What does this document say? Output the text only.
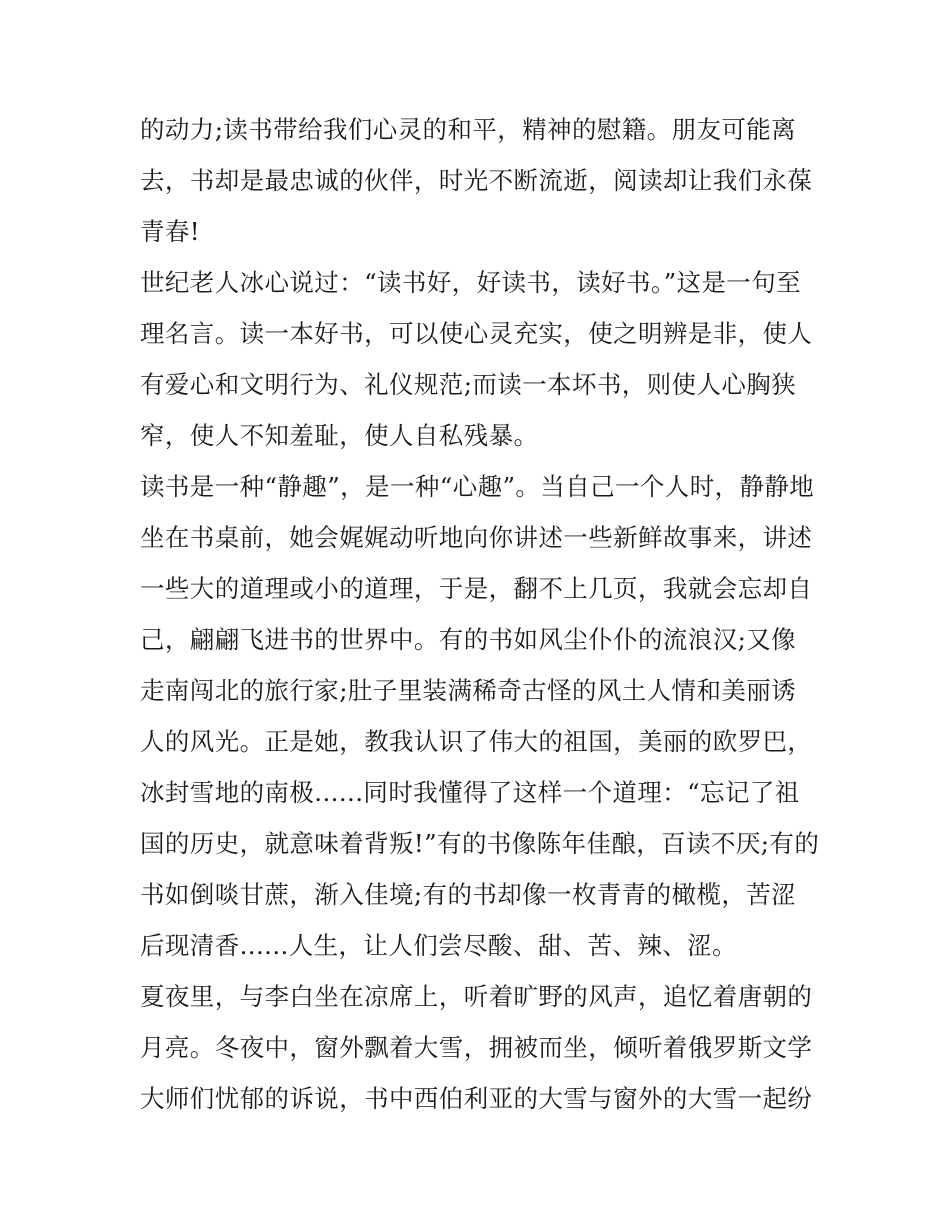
的动力;读书带给我们心灵的和平，精神的慰籍。朋友可能离
去，书却是最忠诚的伙伴，时光不断流逝，阅读却让我们永葆
青春!
世纪老人冰心说过：“读书好，好读书，读好书。”这是一句至
理名言。读一本好书，可以使心灵充实，使之明辨是非，使人
有爱心和文明行为、礼仪规范;而读一本坏书，则使人心胸狭
窄，使人不知羞耻，使人自私残暴。
读书是一种“静趣”，是一种“心趣”。当自己一个人时，静静地
坐在书桌前，她会娓娓动听地向你讲述一些新鲜故事来，讲述
一些大的道理或小的道理，于是，翻不上几页，我就会忘却自
己，翩翩飞进书的世界中。有的书如风尘仆仆的流浪汉;又像
走南闯北的旅行家;肚子里装满稀奇古怪的风土人情和美丽诱
人的风光。正是她，教我认识了伟大的祖国，美丽的欧罗巴，
冰封雪地的南极......同时我懂得了这样一个道理：“忘记了祖
国的历史，就意味着背叛!”有的书像陈年佳酿，百读不厌;有的
书如倒啖甘蔗，渐入佳境;有的书却像一枚青青的橄榄，苦涩
后现清香......人生，让人们尝尽酸、甜、苦、辣、涩。
夏夜里，与李白坐在凉席上，听着旷野的风声，追忆着唐朝的
月亮。冬夜中，窗外飘着大雪，拥被而坐，倾听着俄罗斯文学
大师们忧郁的诉说，书中西伯利亚的大雪与窗外的大雪一起纷
